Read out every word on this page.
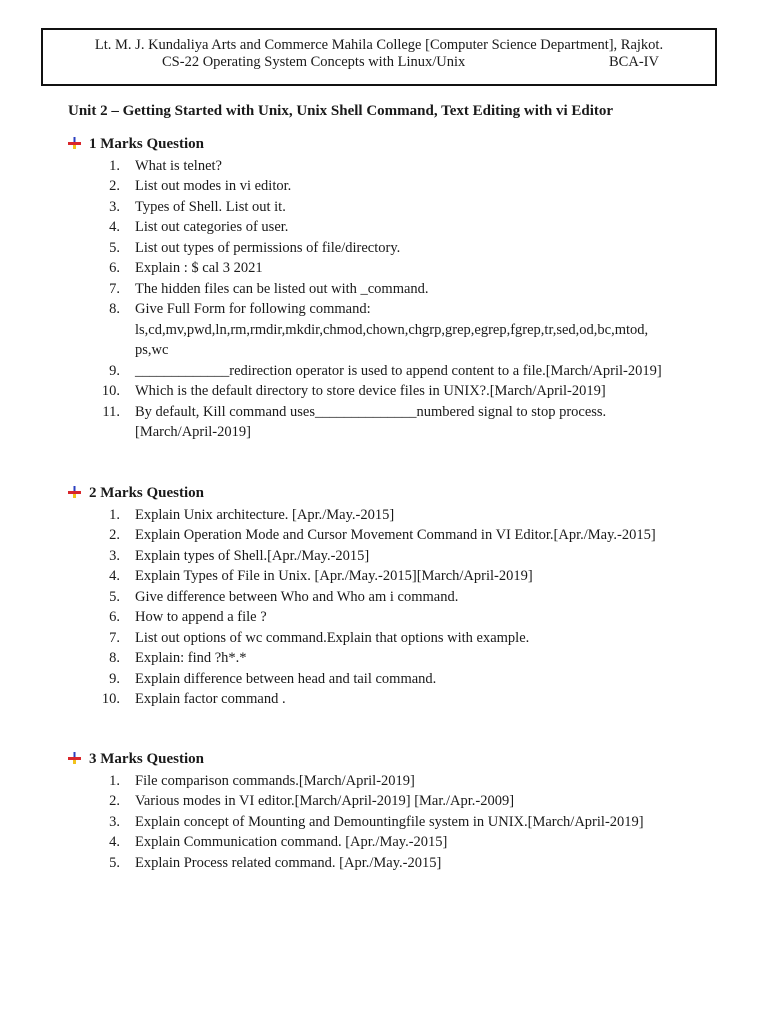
Lt. M. J. Kundaliya Arts and Commerce Mahila College [Computer Science Department], Rajkot.
CS-22 Operating System Concepts with Linux/Unix	BCA-IV
Unit 2 – Getting Started with Unix, Unix Shell Command, Text Editing with vi Editor
1 Marks Question
1. What is telnet?
2. List out modes in vi editor.
3. Types of Shell. List out it.
4. List out categories of user.
5. List out types of permissions of file/directory.
6. Explain : $ cal 3 2021
7. The hidden files can be listed out with _command.
8. Give Full Form for following command: ls,cd,mv,pwd,ln,rm,rmdir,mkdir,chmod,chown,chgrp,grep,egrep,fgrep,tr,sed,od,bc,mtod, ps,wc
9. _____________redirection operator is used to append content to a file.[March/April-2019]
10. Which is the default directory to store device files in UNIX?.[March/April-2019]
11. By default, Kill command uses______________numbered signal to stop process.[March/April-2019]
2 Marks Question
1. Explain Unix architecture. [Apr./May.-2015]
2. Explain Operation Mode and Cursor Movement Command in VI Editor.[Apr./May.-2015]
3. Explain types of Shell.[Apr./May.-2015]
4. Explain Types of File in Unix. [Apr./May.-2015][March/April-2019]
5. Give difference between Who and Who am i command.
6. How to append a file ?
7. List out options of wc command.Explain that options with example.
8. Explain: find ?h*.*
9. Explain difference between head and tail command.
10. Explain factor command .
3 Marks Question
1. File comparison commands.[March/April-2019]
2. Various modes in VI editor.[March/April-2019] [Mar./Apr.-2009]
3. Explain concept of Mounting and Demountingfile system in UNIX.[March/April-2019]
4. Explain Communication command. [Apr./May.-2015]
5. Explain Process related command. [Apr./May.-2015]
